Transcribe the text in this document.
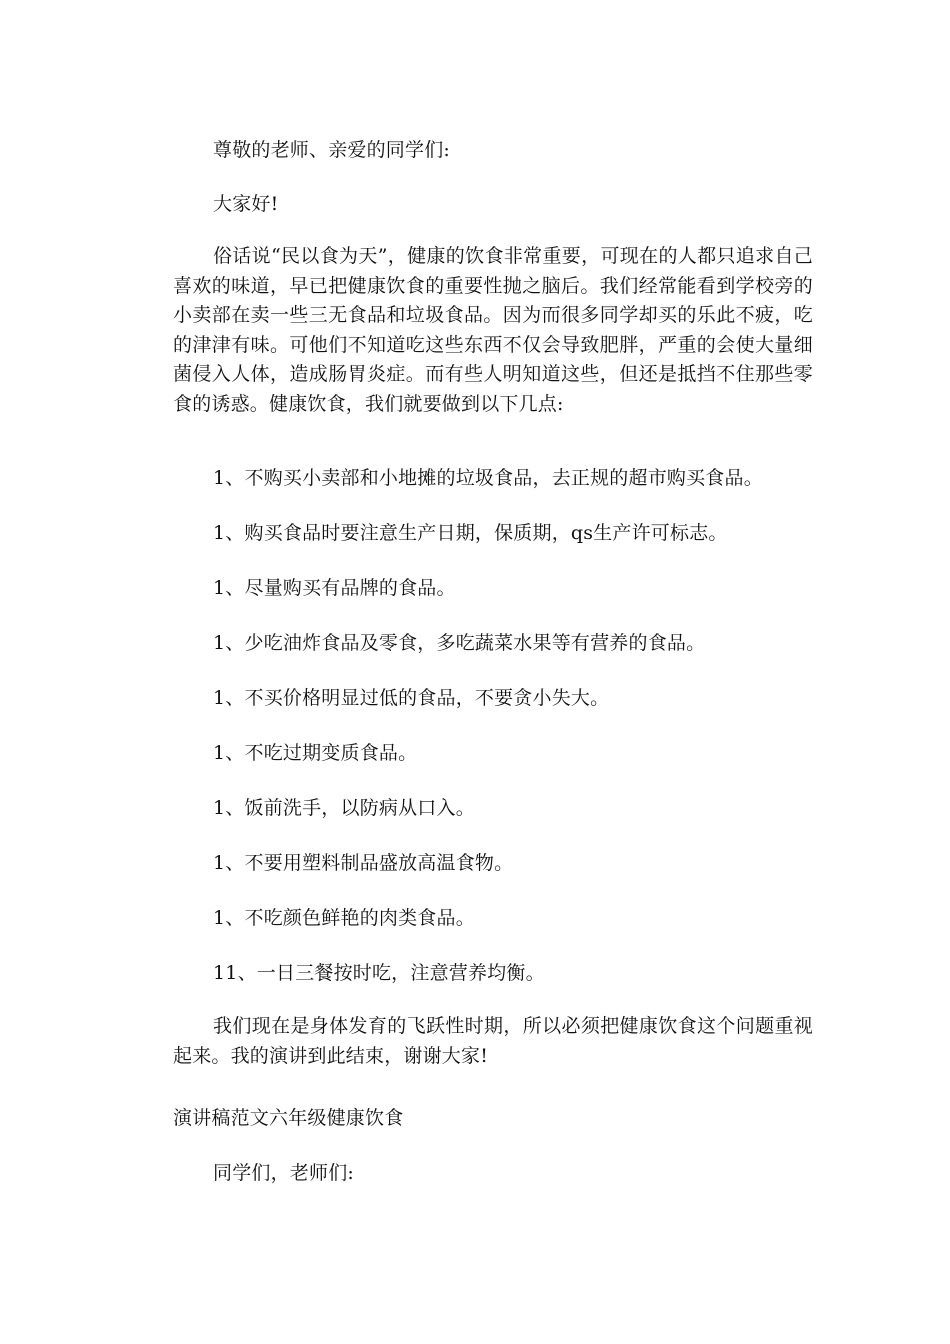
尊敬的老师、亲爱的同学们:
大家好!
俗话说“民以食为天”，健康的饮食非常重要，可现在的人都只追求自己喜欢的味道，早已把健康饮食的重要性抛之脑后。我们经常能看到学校旁的小卖部在卖一些三无食品和垃圾食品。因为而很多同学却买的乐此不疲，吃的津津有味。可他们不知道吃这些东西不仅会导致肥胖，严重的会使大量细菌侵入人体，造成肠胃炎症。而有些人明知道这些，但还是抵挡不住那些零食的诱惑。健康饮食，我们就要做到以下几点:
1、不购买小卖部和小地摊的垃圾食品，去正规的超市购买食品。
1、购买食品时要注意生产日期，保质期，qs生产许可标志。
1、尽量购买有品牌的食品。
1、少吃油炸食品及零食，多吃蔬菜水果等有营养的食品。
1、不买价格明显过低的食品，不要贪小失大。
1、不吃过期变质食品。
1、饭前洗手，以防病从口入。
1、不要用塑料制品盛放高温食物。
1、不吃颜色鲜艳的肉类食品。
11、一日三餐按时吃，注意营养均衡。
我们现在是身体发育的飞跃性时期，所以必须把健康饮食这个问题重视起来。我的演讲到此结束，谢谢大家!
演讲稿范文六年级健康饮食
同学们，老师们:
